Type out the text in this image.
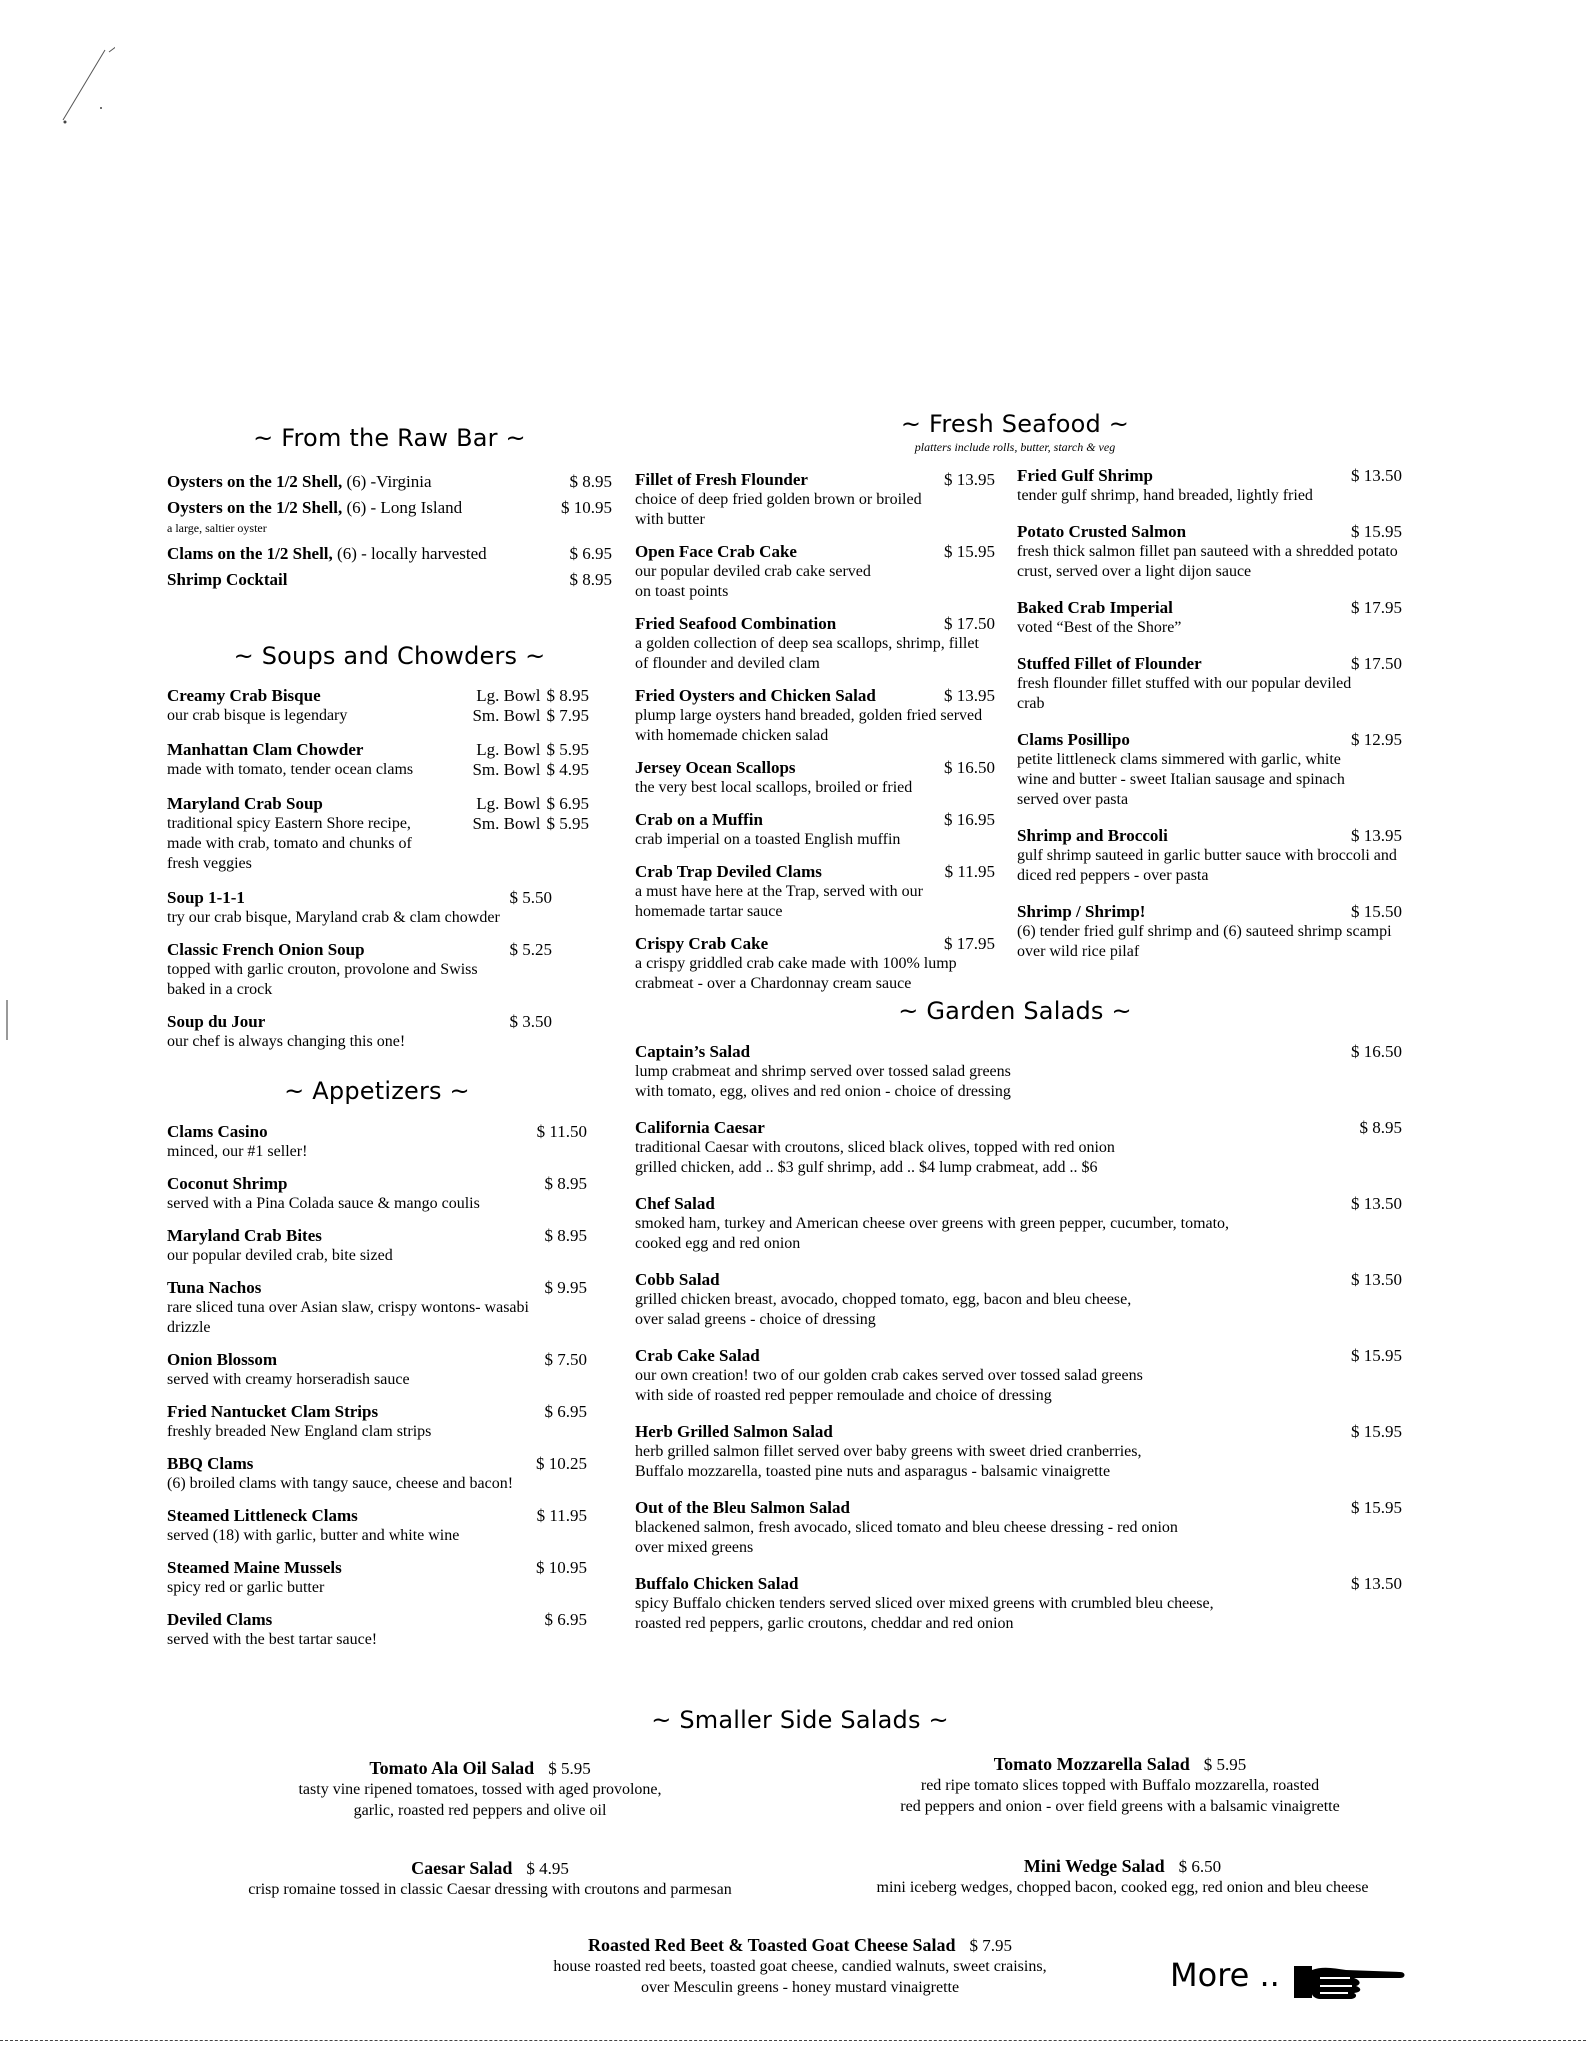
~ From the Raw Bar ~
Oysters on the 1/2 Shell, (6) -Virginia	$ 8.95
Oysters on the 1/2 Shell, (6) - Long Island	$ 10.95
a large, saltier oyster
Clams on the 1/2 Shell, (6) - locally harvested	$ 6.95
Shrimp Cocktail	$ 8.95
~ Soups and Chowders ~
Creamy Crab Bisque
our crab bisque is legendary
Lg. Bowl $ 8.95
Sm. Bowl $ 7.95
Manhattan Clam Chowder
made with tomato, tender ocean clams
Lg. Bowl $ 5.95
Sm. Bowl $ 4.95
Maryland Crab Soup
traditional spicy Eastern Shore recipe, made with crab, tomato and chunks of fresh veggies
Lg. Bowl $ 6.95
Sm. Bowl $ 5.95
Soup 1-1-1	$ 5.50
try our crab bisque, Maryland crab & clam chowder
Classic French Onion Soup	$ 5.25
topped with garlic crouton, provolone and Swiss baked in a crock
Soup du Jour	$ 3.50
our chef is always changing this one!
~ Appetizers ~
Clams Casino	$ 11.50
minced, our #1 seller!
Coconut Shrimp	$ 8.95
served with a Pina Colada sauce & mango coulis
Maryland Crab Bites	$ 8.95
our popular deviled crab, bite sized
Tuna Nachos	$ 9.95
rare sliced tuna over Asian slaw, crispy wontons- wasabi drizzle
Onion Blossom	$ 7.50
served with creamy horseradish sauce
Fried Nantucket Clam Strips	$ 6.95
freshly breaded New England clam strips
BBQ Clams	$ 10.25
(6) broiled clams with tangy sauce, cheese and bacon!
Steamed Littleneck Clams	$ 11.95
served (18) with garlic, butter and white wine
Steamed Maine Mussels	$ 10.95
spicy red or garlic butter
Deviled Clams	$ 6.95
served with the best tartar sauce!
~ Fresh Seafood ~
platters include rolls, butter, starch & veg
Fillet of Fresh Flounder	$ 13.95
choice of deep fried golden brown or broiled with butter
Open Face Crab Cake	$ 15.95
our popular deviled crab cake served on toast points
Fried Seafood Combination	$ 17.50
a golden collection of deep sea scallops, shrimp, fillet of flounder and deviled clam
Fried Oysters and Chicken Salad	$ 13.95
plump large oysters hand breaded, golden fried served with homemade chicken salad
Jersey Ocean Scallops	$ 16.50
the very best local scallops, broiled or fried
Crab on a Muffin	$ 16.95
crab imperial on a toasted English muffin
Crab Trap Deviled Clams	$ 11.95
a must have here at the Trap, served with our homemade tartar sauce
Crispy Crab Cake	$ 17.95
a crispy griddled crab cake made with 100% lump crabmeat - over a Chardonnay cream sauce
Fried Gulf Shrimp	$ 13.50
tender gulf shrimp, hand breaded, lightly fried
Potato Crusted Salmon	$ 15.95
fresh thick salmon fillet pan sauteed with a shredded potato crust, served over a light dijon sauce
Baked Crab Imperial	$ 17.95
voted “Best of the Shore”
Stuffed Fillet of Flounder	$ 17.50
fresh flounder fillet stuffed with our popular deviled crab
Clams Posillipo	$ 12.95
petite littleneck clams simmered with garlic, white wine and butter - sweet Italian sausage and spinach served over pasta
Shrimp and Broccoli	$ 13.95
gulf shrimp sauteed in garlic butter sauce with broccoli and diced red peppers - over pasta
Shrimp / Shrimp!	$ 15.50
(6) tender fried gulf shrimp and (6) sauteed shrimp scampi over wild rice pilaf
~ Garden Salads ~
Captain’s Salad	$ 16.50
lump crabmeat and shrimp served over tossed salad greens
with tomato, egg, olives and red onion - choice of dressing
California Caesar	$ 8.95
traditional Caesar with croutons, sliced black olives, topped with red onion
grilled chicken, add .. $3 gulf shrimp, add .. $4 lump crabmeat, add .. $6
Chef Salad	$ 13.50
smoked ham, turkey and American cheese over greens with green pepper, cucumber, tomato,
cooked egg and red onion
Cobb Salad	$ 13.50
grilled chicken breast, avocado, chopped tomato, egg, bacon and bleu cheese,
over salad greens - choice of dressing
Crab Cake Salad	$ 15.95
our own creation! two of our golden crab cakes served over tossed salad greens
with side of roasted red pepper remoulade and choice of dressing
Herb Grilled Salmon Salad	$ 15.95
herb grilled salmon fillet served over baby greens with sweet dried cranberries,
Buffalo mozzarella, toasted pine nuts and asparagus - balsamic vinaigrette
Out of the Bleu Salmon Salad	$ 15.95
blackened salmon, fresh avocado, sliced tomato and bleu cheese dressing - red onion
over mixed greens
Buffalo Chicken Salad	$ 13.50
spicy Buffalo chicken tenders served sliced over mixed greens with crumbled bleu cheese,
roasted red peppers, garlic croutons, cheddar and red onion
~ Smaller Side Salads ~
Tomato Ala Oil Salad $ 5.95
tasty vine ripened tomatoes, tossed with aged provolone,
garlic, roasted red peppers and olive oil
Tomato Mozzarella Salad $ 5.95
red ripe tomato slices topped with Buffalo mozzarella, roasted
red peppers and onion - over field greens with a balsamic vinaigrette
Caesar Salad $ 4.95
crisp romaine tossed in classic Caesar dressing with croutons and parmesan
Mini Wedge Salad $ 6.50
mini iceberg wedges, chopped bacon, cooked egg, red onion and bleu cheese
Roasted Red Beet & Toasted Goat Cheese Salad $ 7.95
house roasted red beets, toasted goat cheese, candied walnuts, sweet craisins,
over Mesculin greens - honey mustard vinaigrette	More ..
